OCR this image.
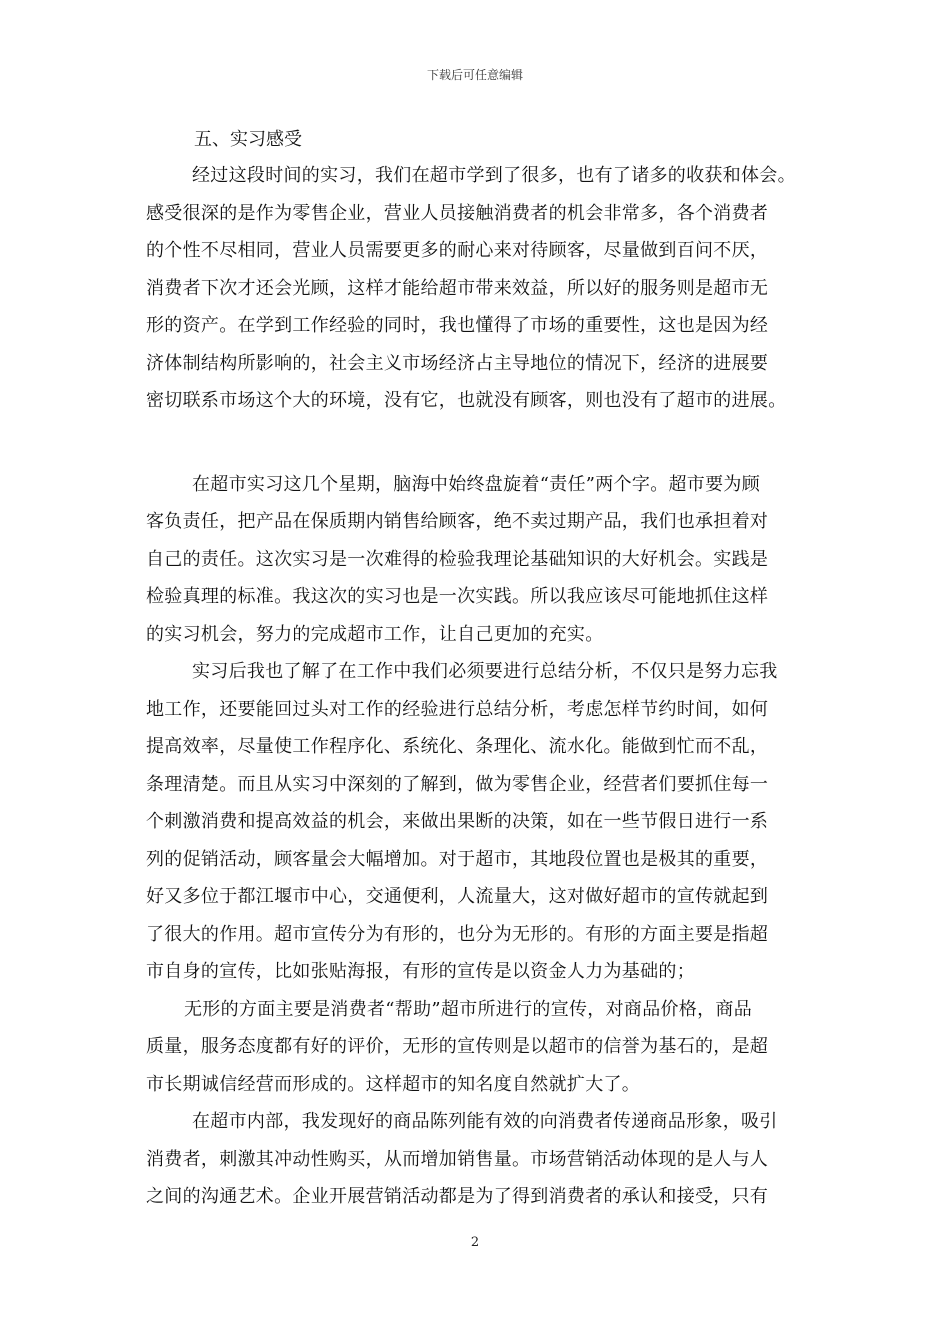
下载后可任意编辑
五、实习感受
经过这段时间的实习，我们在超市学到了很多，也有了诸多的收获和体会。
感受很深的是作为零售企业，营业人员接触消费者的机会非常多，各个消费者
的个性不尽相同，营业人员需要更多的耐心来对待顾客，尽量做到百问不厌，
消费者下次才还会光顾，这样才能给超市带来效益，所以好的服务则是超市无
形的资产。在学到工作经验的同时，我也懂得了市场的重要性，这也是因为经
济体制结构所影响的，社会主义市场经济占主导地位的情况下，经济的进展要
密切联系市场这个大的环境，没有它，也就没有顾客，则也没有了超市的进展。
在超市实习这几个星期，脑海中始终盘旋着“责任”两个字。超市要为顾
客负责任，把产品在保质期内销售给顾客，绝不卖过期产品，我们也承担着对
自己的责任。这次实习是一次难得的检验我理论基础知识的大好机会。实践是
检验真理的标准。我这次的实习也是一次实践。所以我应该尽可能地抓住这样
的实习机会，努力的完成超市工作，让自己更加的充实。
实习后我也了解了在工作中我们必须要进行总结分析，不仅只是努力忘我
地工作，还要能回过头对工作的经验进行总结分析，考虑怎样节约时间，如何
提高效率，尽量使工作程序化、系统化、条理化、流水化。能做到忙而不乱，
条理清楚。而且从实习中深刻的了解到，做为零售企业，经营者们要抓住每一
个刺激消费和提高效益的机会，来做出果断的决策，如在一些节假日进行一系
列的促销活动，顾客量会大幅增加。对于超市，其地段位置也是极其的重要，
好又多位于都江堰市中心，交通便利，人流量大，这对做好超市的宣传就起到
了很大的作用。超市宣传分为有形的，也分为无形的。有形的方面主要是指超
市自身的宣传，比如张贴海报，有形的宣传是以资金人力为基础的；
无形的方面主要是消费者“帮助”超市所进行的宣传，对商品价格，商品
质量，服务态度都有好的评价，无形的宣传则是以超市的信誉为基石的，是超
市长期诚信经营而形成的。这样超市的知名度自然就扩大了。
在超市内部，我发现好的商品陈列能有效的向消费者传递商品形象，吸引
消费者，刺激其冲动性购买，从而增加销售量。市场营销活动体现的是人与人
之间的沟通艺术。企业开展营销活动都是为了得到消费者的承认和接受，只有
2
